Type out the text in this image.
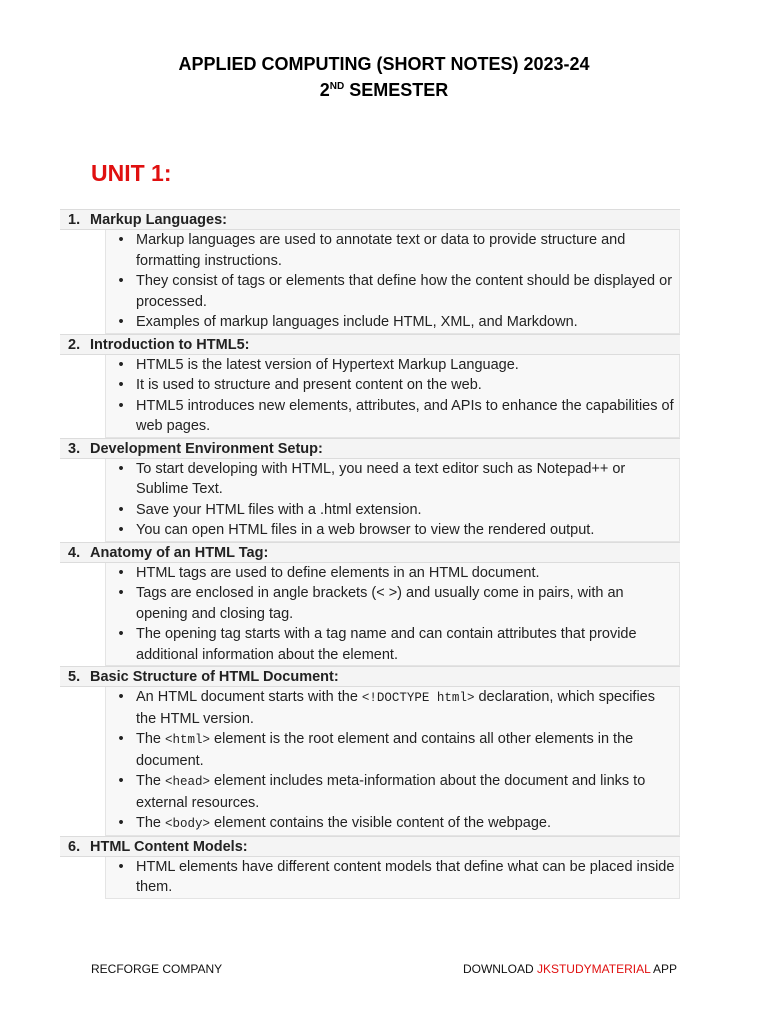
APPLIED COMPUTING (SHORT NOTES) 2023-24
2ND SEMESTER
UNIT 1:
1. Markup Languages:
• Markup languages are used to annotate text or data to provide structure and formatting instructions.
• They consist of tags or elements that define how the content should be displayed or processed.
• Examples of markup languages include HTML, XML, and Markdown.
2. Introduction to HTML5:
• HTML5 is the latest version of Hypertext Markup Language.
• It is used to structure and present content on the web.
• HTML5 introduces new elements, attributes, and APIs to enhance the capabilities of web pages.
3. Development Environment Setup:
• To start developing with HTML, you need a text editor such as Notepad++ or Sublime Text.
• Save your HTML files with a .html extension.
• You can open HTML files in a web browser to view the rendered output.
4. Anatomy of an HTML Tag:
• HTML tags are used to define elements in an HTML document.
• Tags are enclosed in angle brackets (< >) and usually come in pairs, with an opening and closing tag.
• The opening tag starts with a tag name and can contain attributes that provide additional information about the element.
5. Basic Structure of HTML Document:
• An HTML document starts with the <!DOCTYPE html> declaration, which specifies the HTML version.
• The <html> element is the root element and contains all other elements in the document.
• The <head> element includes meta-information about the document and links to external resources.
• The <body> element contains the visible content of the webpage.
6. HTML Content Models:
• HTML elements have different content models that define what can be placed inside them.
RECFORGE COMPANY	DOWNLOAD JKSTUDYMATERIAL APP
